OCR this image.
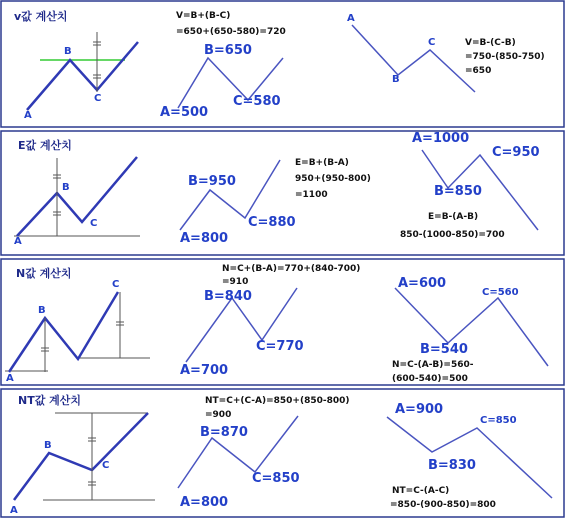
v값 계산치
B
C
A
V=B+(B-C)
=650+(650-580)=720
B=650
C=580
A=500
A
C
B
V=B-(C-B)
=750-(850-750)
=650
E값 계산치
B
C
A
B=950
C=880
A=800
E=B+(B-A)
950+(950-800)
=1100
A=1000
C=950
B=850
E=B-(A-B)
850-(1000-850)=700
N값 계산치
C
B
A
N=C+(B-A)=770+(840-700)
=910
B=840
C=770
A=700
A=600
C=560
B=540
N=C-(A-B)=560-
(600-540)=500
NT값 계산치
B
C
A
NT=C+(C-A)=850+(850-800)
=900
B=870
C=850
A=800
A=900
C=850
B=830
NT=C-(A-C)
=850-(900-850)=800
